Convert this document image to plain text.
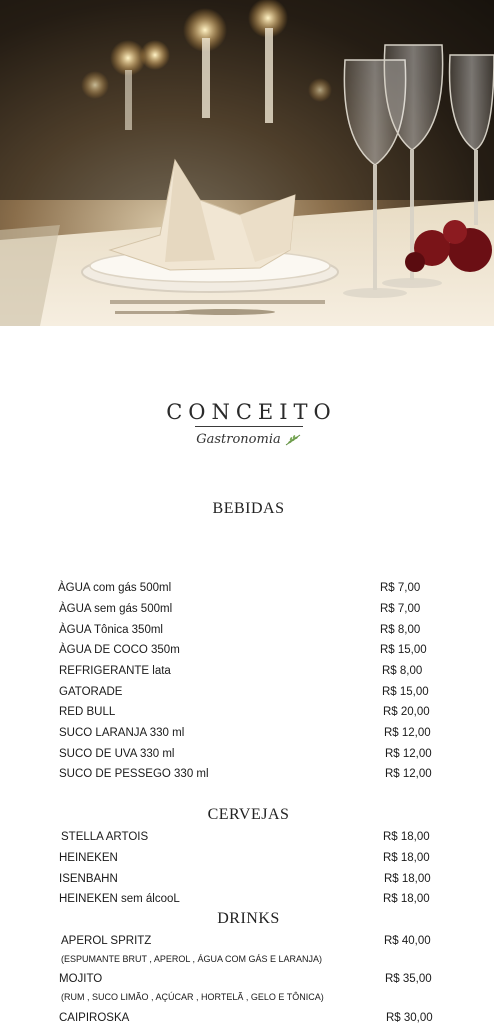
CONCEITO
Gastronomia
BEBIDAS
ÀGUA com gás 500ml	R$ 7,00
ÀGUA sem gás 500ml	R$ 7,00
ÀGUA Tônica 350ml	R$ 8,00
ÀGUA DE COCO 350m	R$ 15,00
REFRIGERANTE lata	R$ 8,00
GATORADE	R$ 15,00
RED BULL	R$ 20,00
SUCO LARANJA 330 ml	R$ 12,00
SUCO DE UVA 330 ml	R$ 12,00
SUCO DE PESSEGO 330 ml	R$ 12,00
CERVEJAS
STELLA ARTOIS	R$ 18,00
HEINEKEN	R$ 18,00
ISENBAHN	R$ 18,00
HEINEKEN sem álcooL	R$ 18,00
DRINKS
APEROL SPRITZ	R$ 40,00
(ESPUMANTE BRUT , APEROL , ÁGUA COM GÁS E LARANJA)
MOJITO	R$ 35,00
(RUM , SUCO LIMÃO , AÇÚCAR , HORTELÃ , GELO E TÔNICA)
CAIPIROSKA	R$ 30,00
